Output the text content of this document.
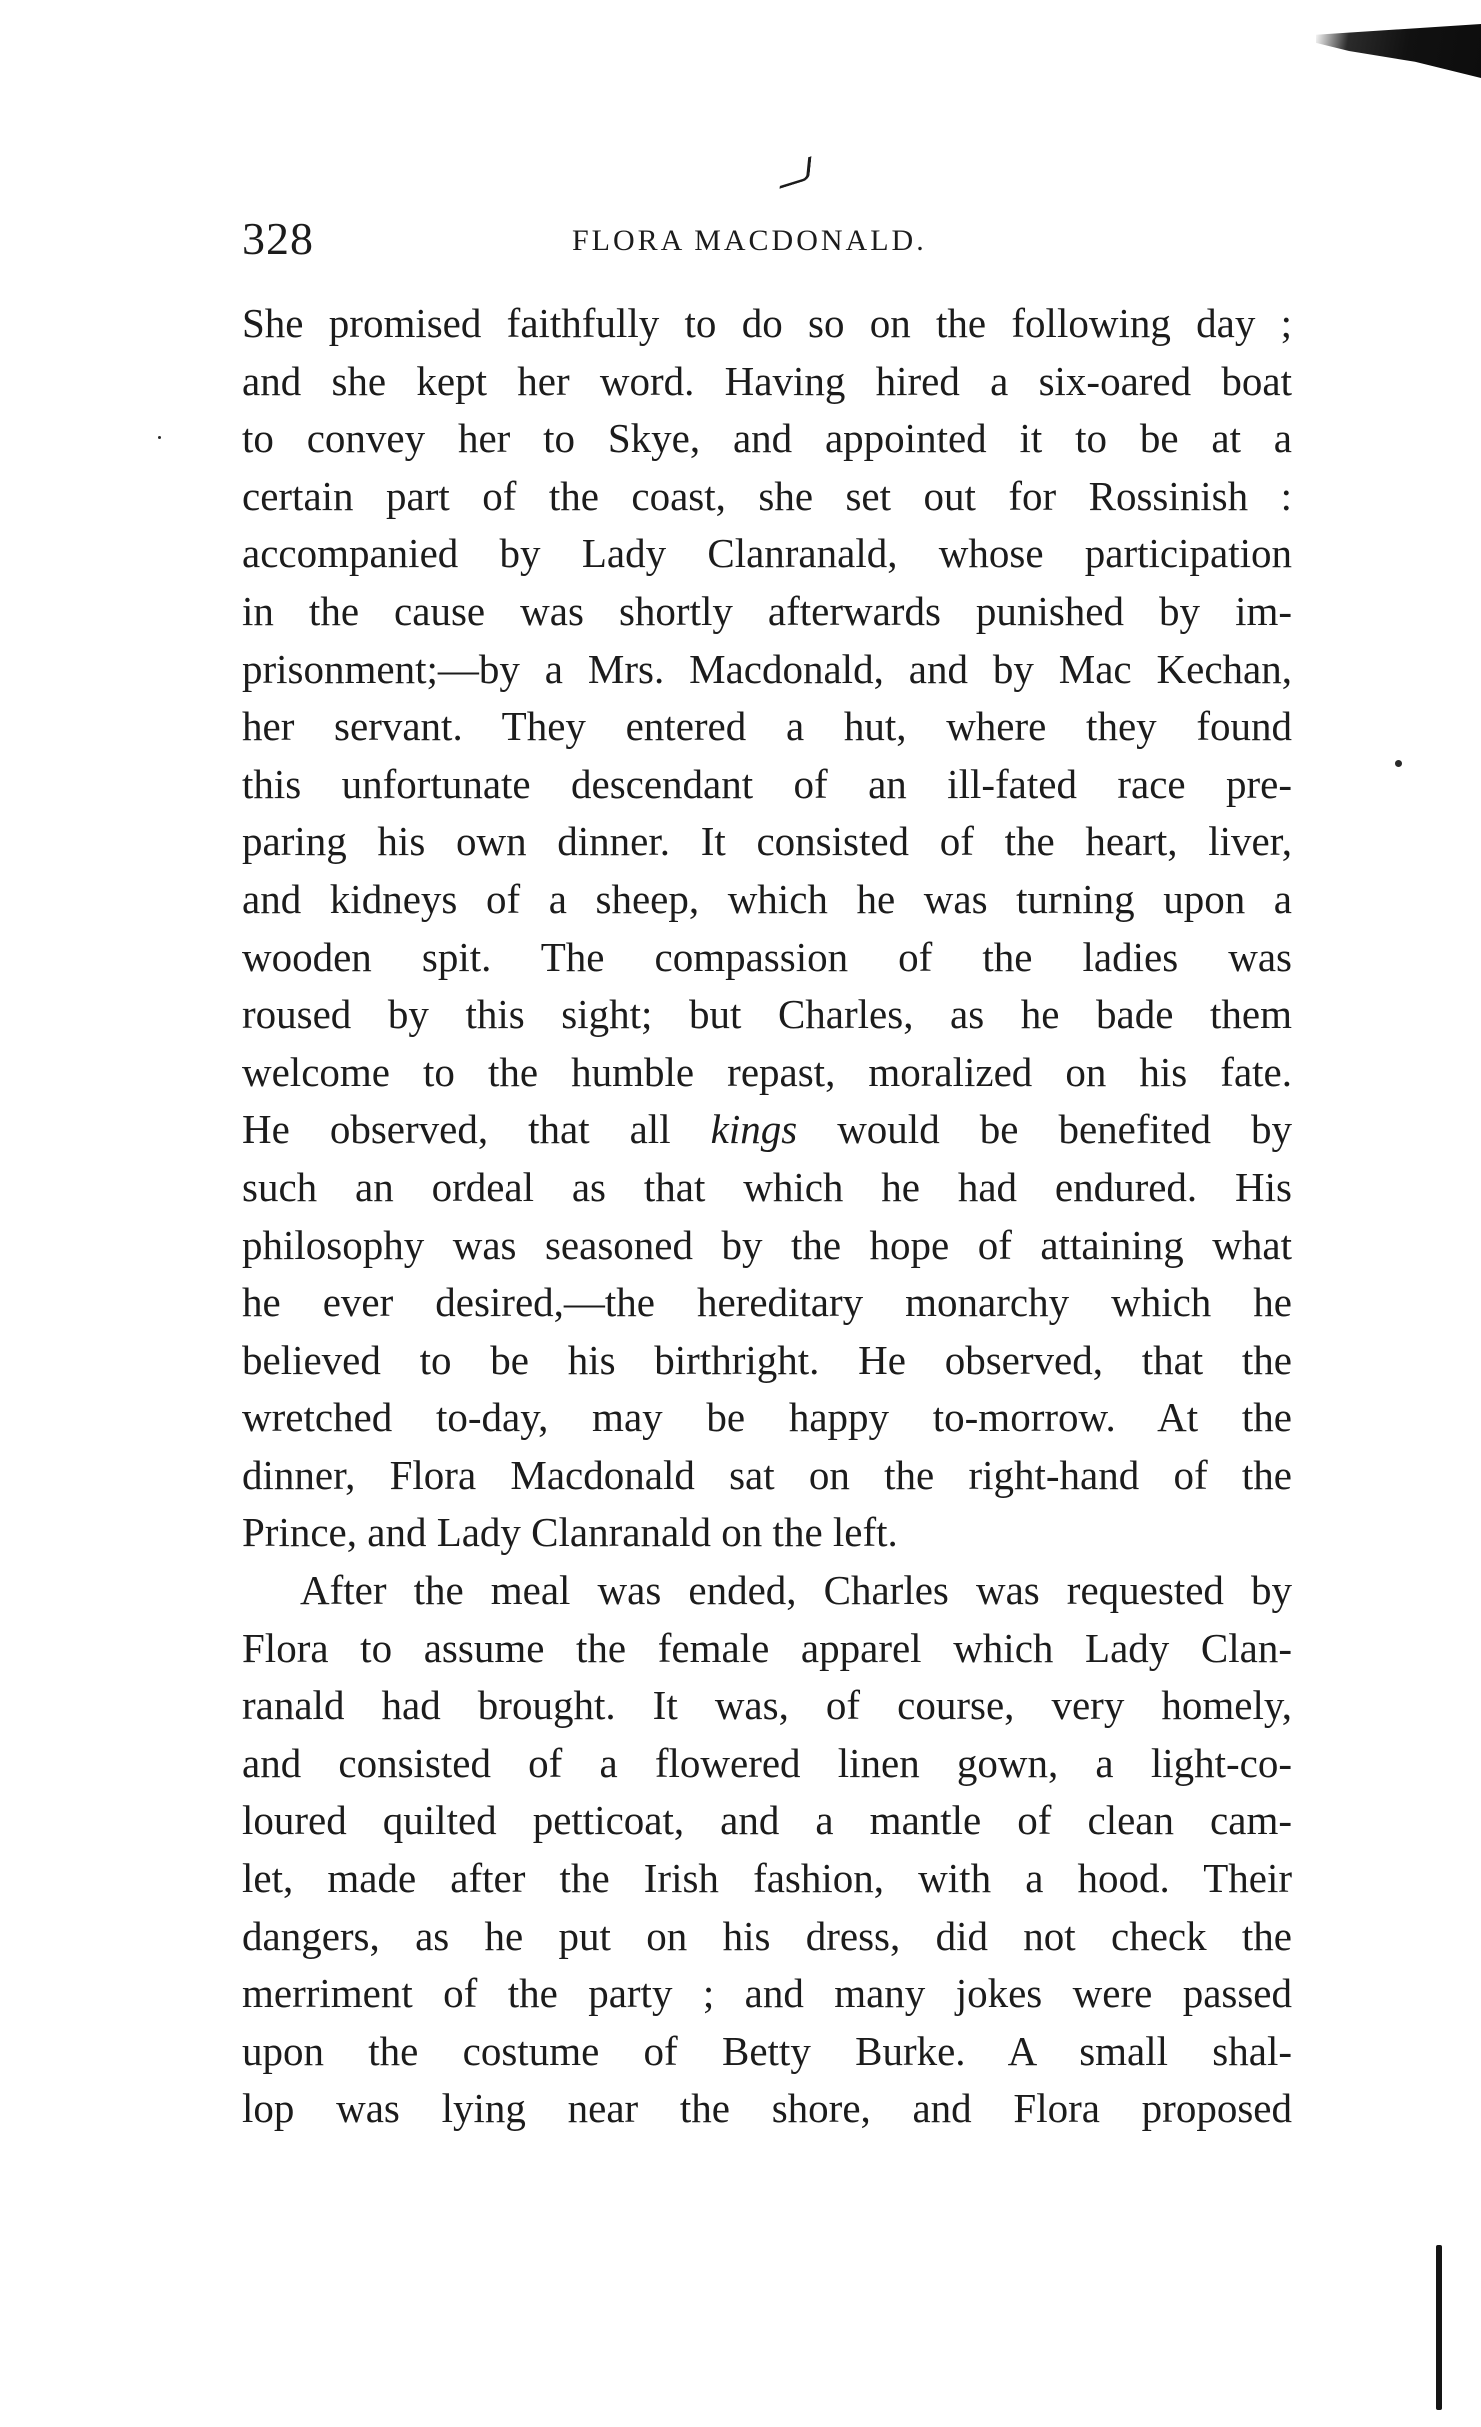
328	FLORA MACDONALD.
She promised faithfully to do so on the following day ;
and she kept her word. Having hired a six-oared boat
to convey her to Skye, and appointed it to be at a
certain part of the coast, she set out for Rossinish :
accompanied by Lady Clanranald, whose participation
in the cause was shortly afterwards punished by im-
prisonment;—by a Mrs. Macdonald, and by Mac Kechan,
her servant. They entered a hut, where they found
this unfortunate descendant of an ill-fated race pre-
paring his own dinner. It consisted of the heart, liver,
and kidneys of a sheep, which he was turning upon a
wooden spit. The compassion of the ladies was
roused by this sight; but Charles, as he bade them
welcome to the humble repast, moralized on his fate.
He observed, that all kings would be benefited by
such an ordeal as that which he had endured. His
philosophy was seasoned by the hope of attaining what
he ever desired,—the hereditary monarchy which he
believed to be his birthright. He observed, that the
wretched to-day, may be happy to-morrow. At the
dinner, Flora Macdonald sat on the right-hand of the
Prince, and Lady Clanranald on the left.
After the meal was ended, Charles was requested by
Flora to assume the female apparel which Lady Clan-
ranald had brought. It was, of course, very homely,
and consisted of a flowered linen gown, a light-co-
loured quilted petticoat, and a mantle of clean cam-
let, made after the Irish fashion, with a hood. Their
dangers, as he put on his dress, did not check the
merriment of the party ; and many jokes were passed
upon the costume of Betty Burke. A small shal-
lop was lying near the shore, and Flora proposed
